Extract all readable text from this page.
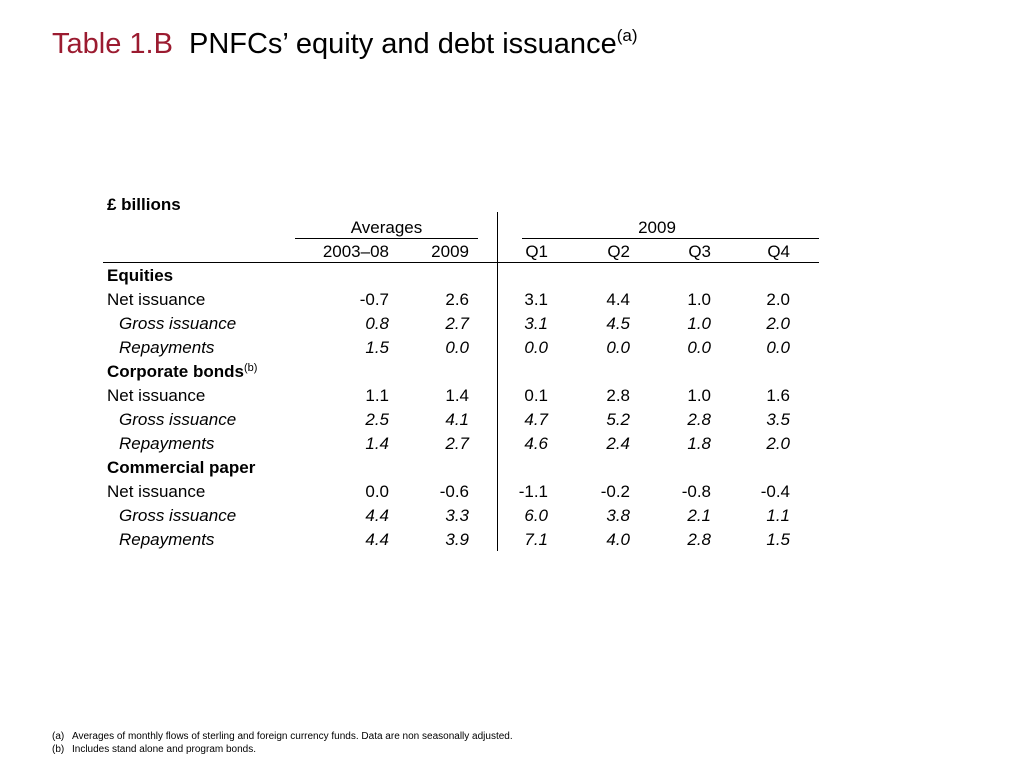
Table 1.B PNFCs’ equity and debt issuance$^{(a)}$
£ billions
Averages	2009
2003–08	2009	Q1	Q2	Q3	Q4
Equities
Net issuance	-0.7	2.6	3.1	4.4	1.0	2.0
Gross issuance	0.8	2.7	3.1	4.5	1.0	2.0
Repayments	1.5	0.0	0.0	0.0	0.0	0.0
Corporate bonds$^{(b)}$
Net issuance	1.1	1.4	0.1	2.8	1.0	1.6
Gross issuance	2.5	4.1	4.7	5.2	2.8	3.5
Repayments	1.4	2.7	4.6	2.4	1.8	2.0
Commercial paper
Net issuance	0.0	-0.6	-1.1	-0.2	-0.8	-0.4
Gross issuance	4.4	3.3	6.0	3.8	2.1	1.1
Repayments	4.4	3.9	7.1	4.0	2.8	1.5
(a) Averages of monthly flows of sterling and foreign currency funds. Data are non seasonally adjusted.
(b) Includes stand alone and program bonds.
